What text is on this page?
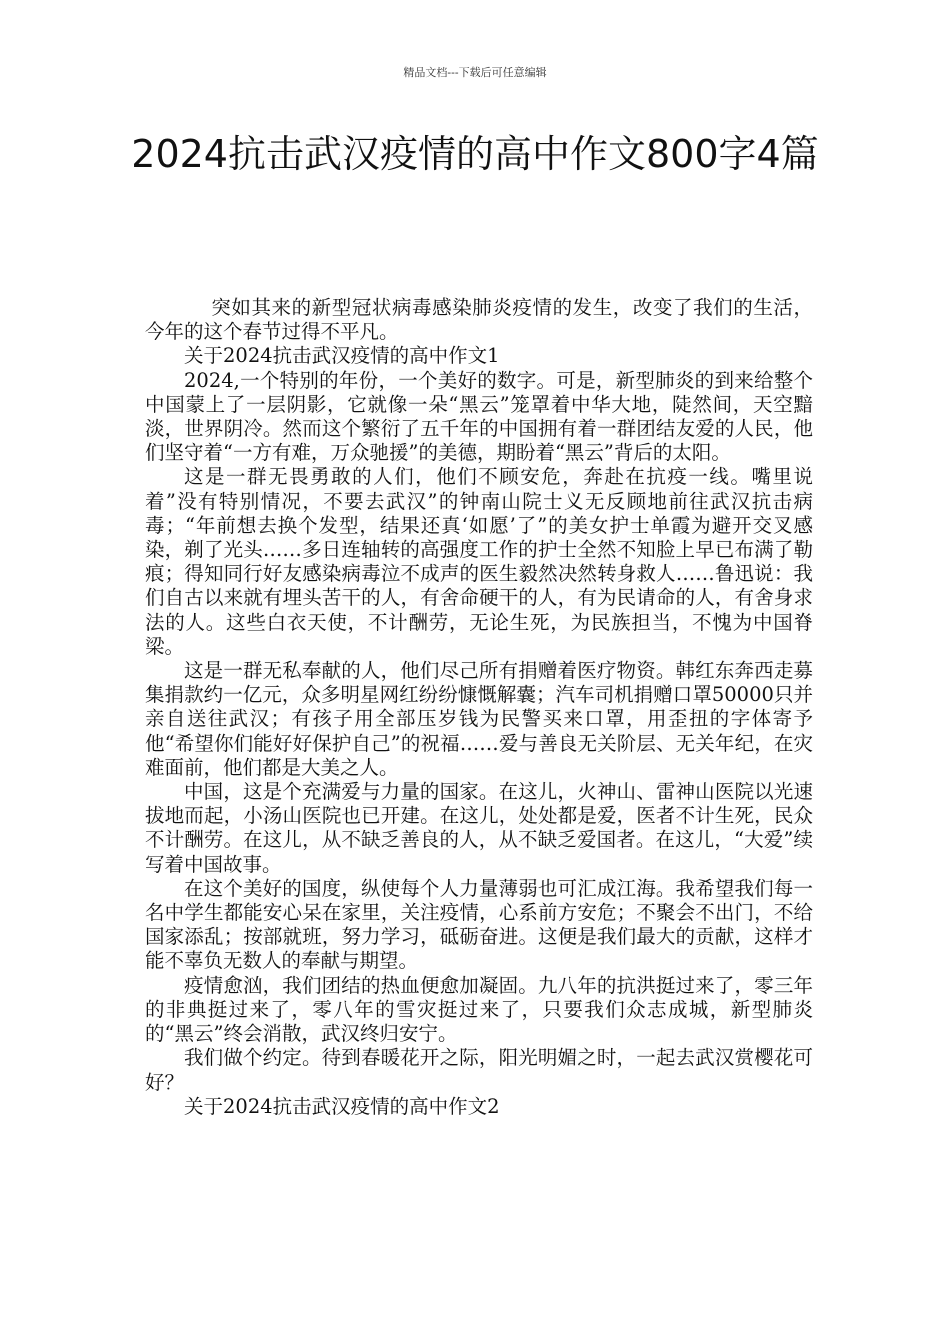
精品文档---下载后可任意编辑
2024抗击武汉疫情的高中作文800字4篇

突如其来的新型冠状病毒感染肺炎疫情的发生，改变了我们的生活，今年的这个春节过得不平凡。

关于2024抗击武汉疫情的高中作文1

2024,一个特别的年份，一个美好的数字。可是，新型肺炎的到来给整个中国蒙上了一层阴影，它就像一朵“黑云”笼罩着中华大地，陡然间，天空黯淡，世界阴冷。然而这个繁衍了五千年的中国拥有着一群团结友爱的人民，他们坚守着“一方有难，万众驰援”的美德，期盼着“黑云”背后的太阳。

这是一群无畏勇敢的人们，他们不顾安危，奔赴在抗疫一线。嘴里说着”没有特别情况，不要去武汉”的钟南山院士义无反顾地前往武汉抗击病毒；“年前想去换个发型，结果还真‘如愿’了”的美女护士单霞为避开交叉感染，剃了光头……多日连轴转的高强度工作的护士全然不知脸上早已布满了勒痕；得知同行好友感染病毒泣不成声的医生毅然决然转身救人……鲁迅说：我们自古以来就有埋头苦干的人，有舍命硬干的人，有为民请命的人，有舍身求法的人。这些白衣天使，不计酬劳，无论生死，为民族担当，不愧为中国脊梁。

这是一群无私奉献的人，他们尽己所有捐赠着医疗物资。韩红东奔西走募集捐款约一亿元，众多明星网红纷纷慷慨解囊；汽车司机捐赠口罩50000只并亲自送往武汉；有孩子用全部压岁钱为民警买来口罩，用歪扭的字体寄予他“希望你们能好好保护自己”的祝福……爱与善良无关阶层、无关年纪，在灾难面前，他们都是大美之人。

中国，这是个充满爱与力量的国家。在这儿，火神山、雷神山医院以光速拔地而起，小汤山医院也已开建。在这儿，处处都是爱，医者不计生死，民众不计酬劳。在这儿，从不缺乏善良的人，从不缺乏爱国者。在这儿，“大爱”续写着中国故事。

在这个美好的国度，纵使每个人力量薄弱也可汇成江海。我希望我们每一名中学生都能安心呆在家里，关注疫情，心系前方安危；不聚会不出门，不给国家添乱；按部就班，努力学习，砥砺奋进。这便是我们最大的贡献，这样才能不辜负无数人的奉献与期望。

疫情愈汹，我们团结的热血便愈加凝固。九八年的抗洪挺过来了，零三年的非典挺过来了，零八年的雪灾挺过来了，只要我们众志成城，新型肺炎的“黑云”终会消散，武汉终归安宁。

我们做个约定。待到春暖花开之际，阳光明媚之时，一起去武汉赏樱花可好？

关于2024抗击武汉疫情的高中作文2
